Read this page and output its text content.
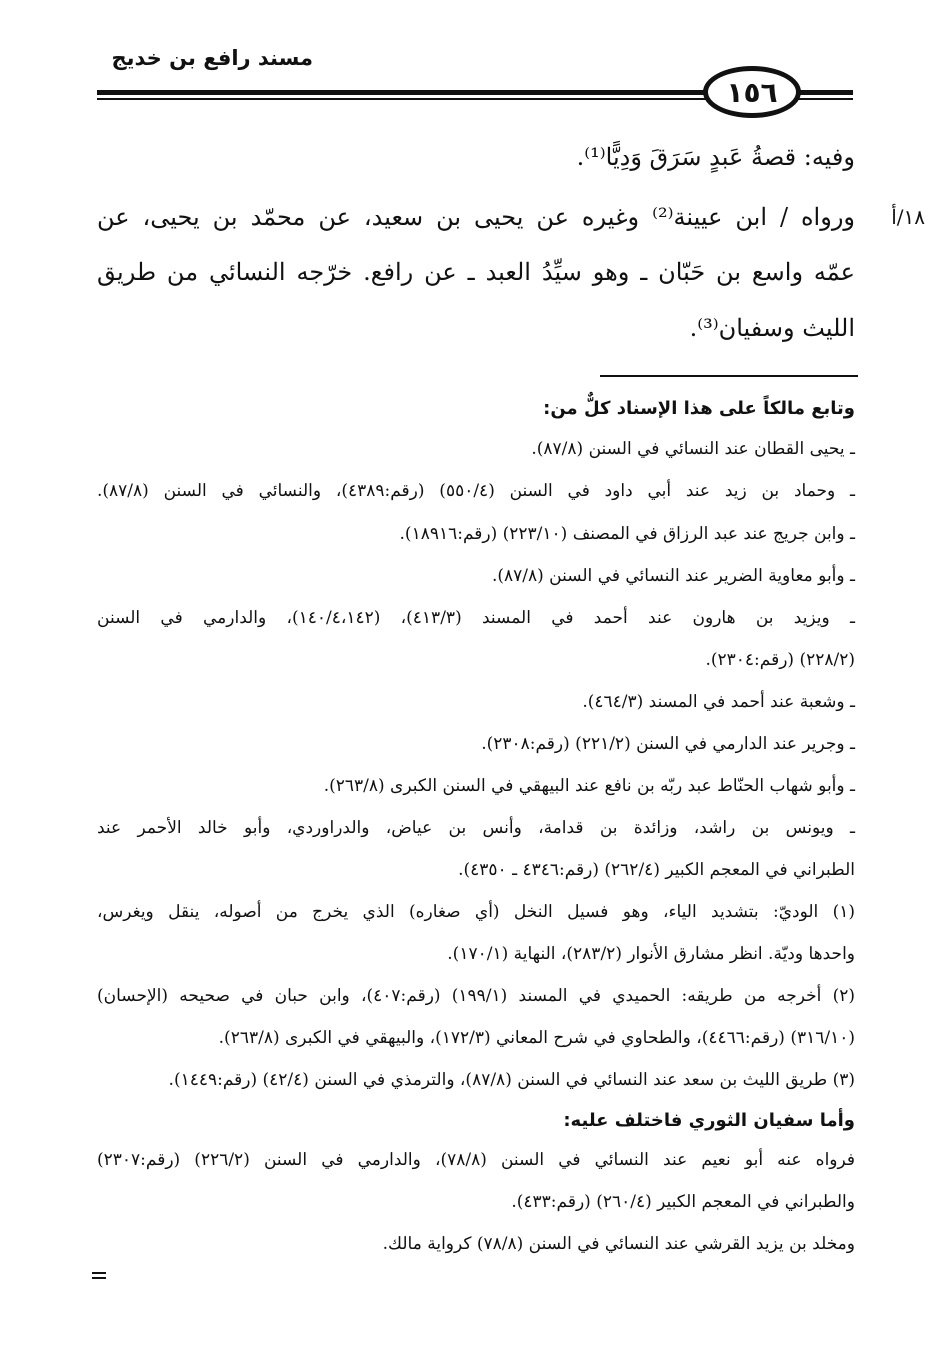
مسند رافع بن خديج
١٥٦
وفيه: قصةُ عَبدٍ سَرَقَ وَدِيًّا⁽¹⁾.
١٨/أ
ورواه / ابن عيينة⁽²⁾ وغيره عن يحيى بن سعيد، عن محمّد بن يحيى، عن
عمّه واسع بن حَبّان ـ وهو سيِّدُ العبد ـ عن رافع. خرّجه النسائي من طريق
الليث وسفيان⁽³⁾.
وتابع مالكاً على هذا الإسناد كلٌّ من:
ـ يحيى القطان عند النسائي في السنن (٨٧/٨).
ـ وحماد بن زيد عند أبي داود في السنن (٥٥٠/٤) (رقم:٤٣٨٩)، والنسائي في السنن (٨٧/٨).
ـ وابن جريج عند عبد الرزاق في المصنف (٢٢٣/١٠) (رقم:١٨٩١٦).
ـ وأبو معاوية الضرير عند النسائي في السنن (٨٧/٨).
ـ ويزيد بن هارون عند أحمد في المسند (٤١٣/٣)، (١٤٠/٤،١٤٢)، والدارمي في السنن
(٢٢٨/٢) (رقم:٢٣٠٤).
ـ وشعبة عند أحمد في المسند (٤٦٤/٣).
ـ وجرير عند الدارمي في السنن (٢٢١/٢) (رقم:٢٣٠٨).
ـ وأبو شهاب الحنّاط عبد ربّه بن نافع عند البيهقي في السنن الكبرى (٢٦٣/٨).
ـ ويونس بن راشد، وزائدة بن قدامة، وأنس بن عياض، والدراوردي، وأبو خالد الأحمر عند
الطبراني في المعجم الكبير (٢٦٢/٤) (رقم:٤٣٤٦ ـ ٤٣٥٠).
(١) الوديّ: بتشديد الياء، وهو فسيل النخل (أي صغاره) الذي يخرج من أصوله، ينقل ويغرس،
واحدها وديّة. انظر مشارق الأنوار (٢٨٣/٢)، النهاية (١٧٠/١).
(٢) أخرجه من طريقه: الحميدي في المسند (١٩٩/١) (رقم:٤٠٧)، وابن حبان في صحيحه (الإحسان)
(٣١٦/١٠) (رقم:٤٤٦٦)، والطحاوي في شرح المعاني (١٧٢/٣)، والبيهقي في الكبرى (٢٦٣/٨).
(٣) طريق الليث بن سعد عند النسائي في السنن (٨٧/٨)، والترمذي في السنن (٤٢/٤) (رقم:١٤٤٩).
وأما سفيان الثوري فاختلف عليه:
فرواه عنه أبو نعيم عند النسائي في السنن (٧٨/٨)، والدارمي في السنن (٢٢٦/٢) (رقم:٢٣٠٧)
والطبراني في المعجم الكبير (٢٦٠/٤) (رقم:٤٣٣).
ومخلد بن يزيد القرشي عند النسائي في السنن (٧٨/٨) كرواية مالك.
